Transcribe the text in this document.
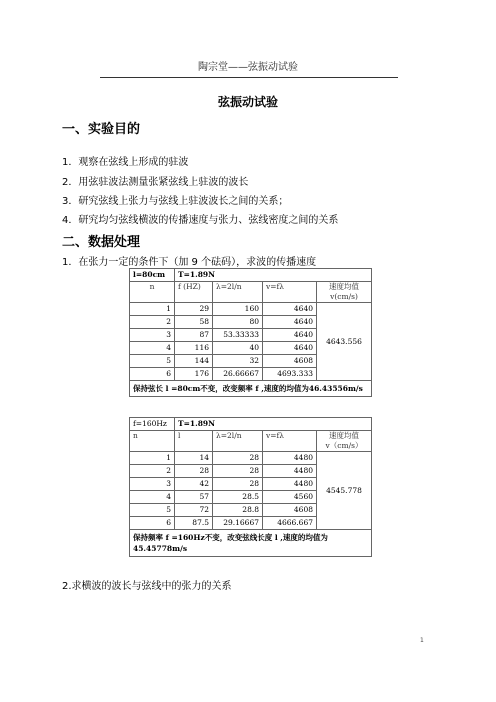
陶宗堂——弦振动试验
弦振动试验
一、实验目的
1．观察在弦线上形成的驻波
2．用弦驻波法测量张紧弦线上驻波的波长
3．研究弦线上张力与弦线上驻波波长之间的关系；
4．研究均匀弦线横波的传播速度与张力、弦线密度之间的关系
二、数据处理
1．在张力一定的条件下（加 9 个砝码），求波的传播速度
l=80cm	T=1.89N			
n	f (HZ)	λ=2l/n	v=fλ	速度均值
v(cm/s)
1	29	160	4640	4643.556
2	58	80	4640	
3	87	53.33333	4640	
4	116	40	4640	
5	144	32	4608	
6	176	26.66667	4693.333	
保持弦长 l =80cm不变，改变频率 f ,速度的均值为46.43556m/s				
f=160Hz	T=1.89N			
n	l	λ=2l/n	v=fλ	速度均值
v（cm/s）
1	14	28	4480	4545.778
2	28	28	4480	
3	42	28	4480	
4	57	28.5	4560	
5	72	28.8	4608	
6	87.5	29.16667	4666.667	
保持频率 f =160Hz不变，改变弦线长度 l ,速度的均值为45.45778m/s				
2.求横波的波长与弦线中的张力的关系
1
